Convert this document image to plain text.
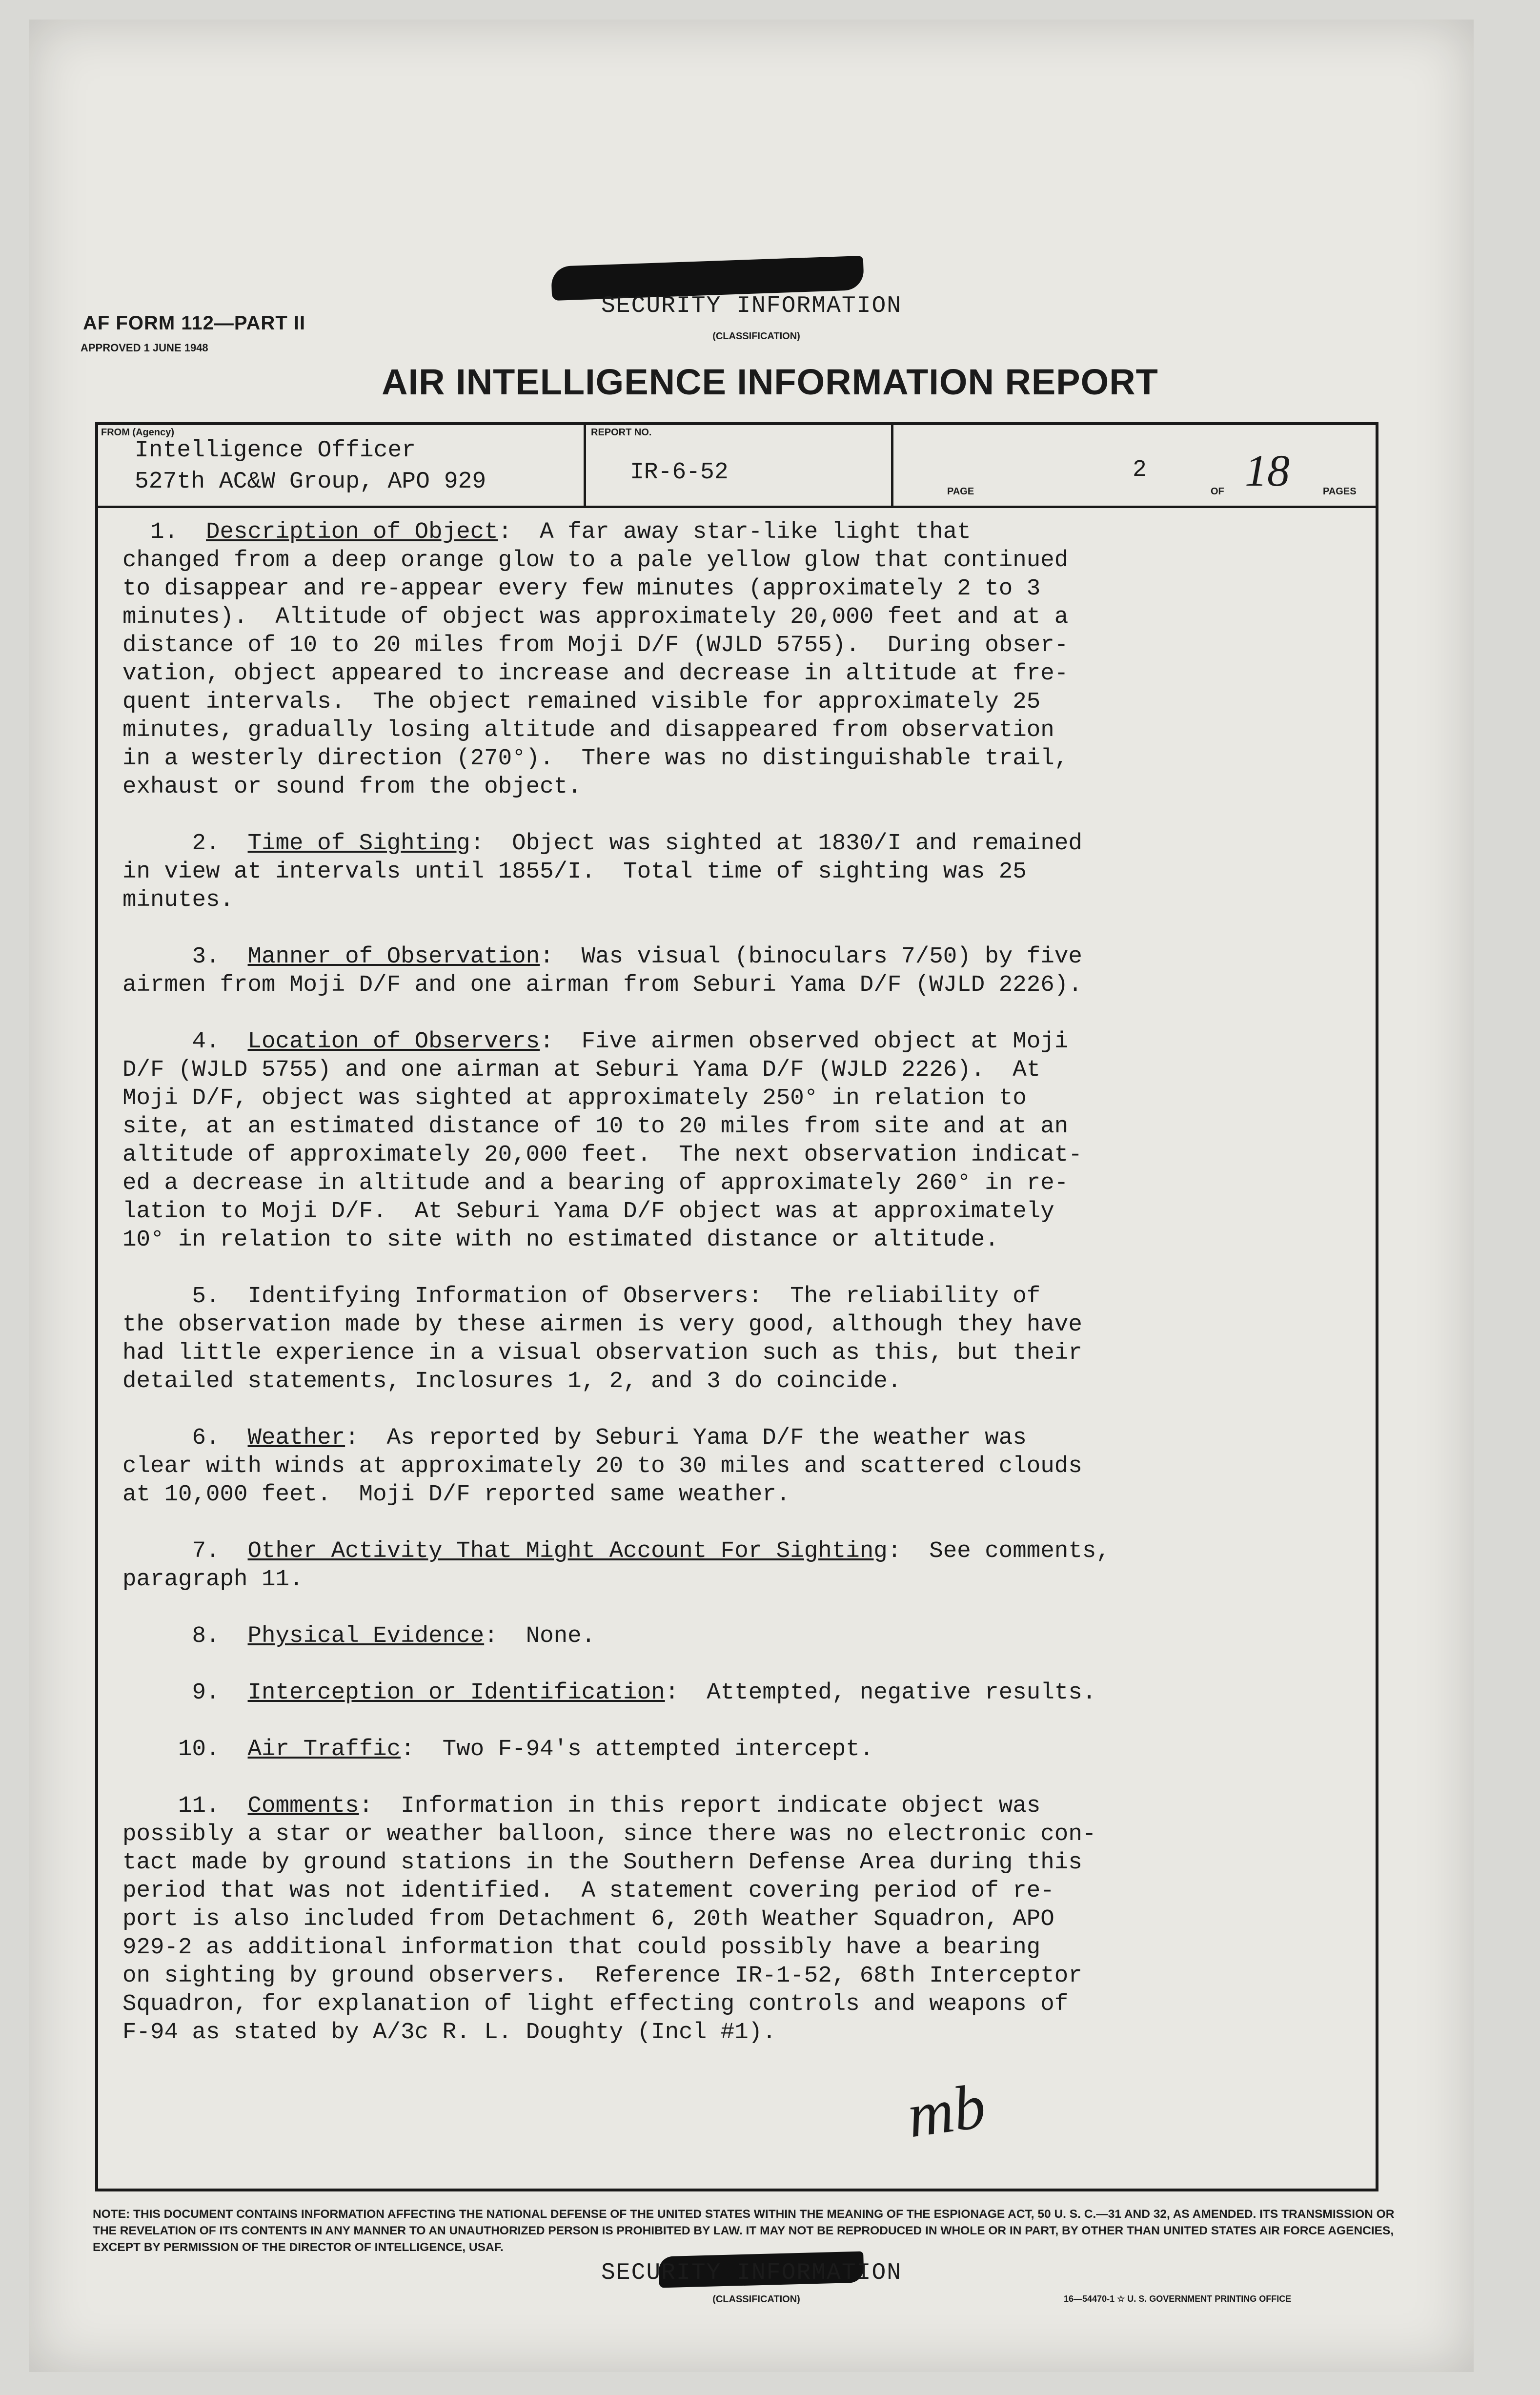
AF FORM 112—PART II
APPROVED 1 JUNE 1948
SECURITY INFORMATION
(CLASSIFICATION)
AIR INTELLIGENCE INFORMATION REPORT
FROM (Agency)
Intelligence Officer
527th AC&W Group, APO 929
REPORT NO.
IR-6-52
PAGE
2
OF 18	PAGES
1.  Description of Object:  A far away star-like light that
changed from a deep orange glow to a pale yellow glow that continued
to disappear and re-appear every few minutes (approximately 2 to 3
minutes).  Altitude of object was approximately 20,000 feet and at a
distance of 10 to 20 miles from Moji D/F (WJLD 5755).  During obser-
vation, object appeared to increase and decrease in altitude at fre-
quent intervals.  The object remained visible for approximately 25
minutes, gradually losing altitude and disappeared from observation
in a westerly direction (270°).  There was no distinguishable trail,
exhaust or sound from the object.
2.  Time of Sighting:  Object was sighted at 1830/I and remained
in view at intervals until 1855/I.  Total time of sighting was 25
minutes.
3.  Manner of Observation:  Was visual (binoculars 7/50) by five
airmen from Moji D/F and one airman from Seburi Yama D/F (WJLD 2226).
4.  Location of Observers:  Five airmen observed object at Moji
D/F (WJLD 5755) and one airman at Seburi Yama D/F (WJLD 2226).  At
Moji D/F, object was sighted at approximately 250° in relation to
site, at an estimated distance of 10 to 20 miles from site and at an
altitude of approximately 20,000 feet.  The next observation indicat-
ed a decrease in altitude and a bearing of approximately 260° in re-
lation to Moji D/F.  At Seburi Yama D/F object was at approximately
10° in relation to site with no estimated distance or altitude.
5.  Identifying Information of Observers:  The reliability of
the observation made by these airmen is very good, although they have
had little experience in a visual observation such as this, but their
detailed statements, Inclosures 1, 2, and 3 do coincide.
6.  Weather:  As reported by Seburi Yama D/F the weather was
clear with winds at approximately 20 to 30 miles and scattered clouds
at 10,000 feet.  Moji D/F reported same weather.
7.  Other Activity That Might Account For Sighting:  See comments,
paragraph 11.
8.  Physical Evidence:  None.
9.  Interception or Identification:  Attempted, negative results.
10.  Air Traffic:  Two F-94's attempted intercept.
11.  Comments:  Information in this report indicate object was
possibly a star or weather balloon, since there was no electronic con-
tact made by ground stations in the Southern Defense Area during this
period that was not identified.  A statement covering period of re-
port is also included from Detachment 6, 20th Weather Squadron, APO
929-2 as additional information that could possibly have a bearing
on sighting by ground observers.  Reference IR-1-52, 68th Interceptor
Squadron, for explanation of light effecting controls and weapons of
F-94 as stated by A/3c R. L. Doughty (Incl #1).
mb
NOTE: THIS DOCUMENT CONTAINS INFORMATION AFFECTING THE NATIONAL DEFENSE OF THE UNITED STATES WITHIN THE MEANING OF THE ESPIONAGE ACT, 50 U. S. C.—31 AND 32, AS AMENDED. ITS TRANSMISSION OR THE REVELATION OF ITS CONTENTS IN ANY MANNER TO AN UNAUTHORIZED PERSON IS PROHIBITED BY LAW. IT MAY NOT BE REPRODUCED IN WHOLE OR IN PART, BY OTHER THAN UNITED STATES AIR FORCE AGENCIES, EXCEPT BY PERMISSION OF THE DIRECTOR OF INTELLIGENCE, USAF.
SECURITY INFORMATION
(CLASSIFICATION)	16—54470-1 ☆ U. S. GOVERNMENT PRINTING OFFICE
